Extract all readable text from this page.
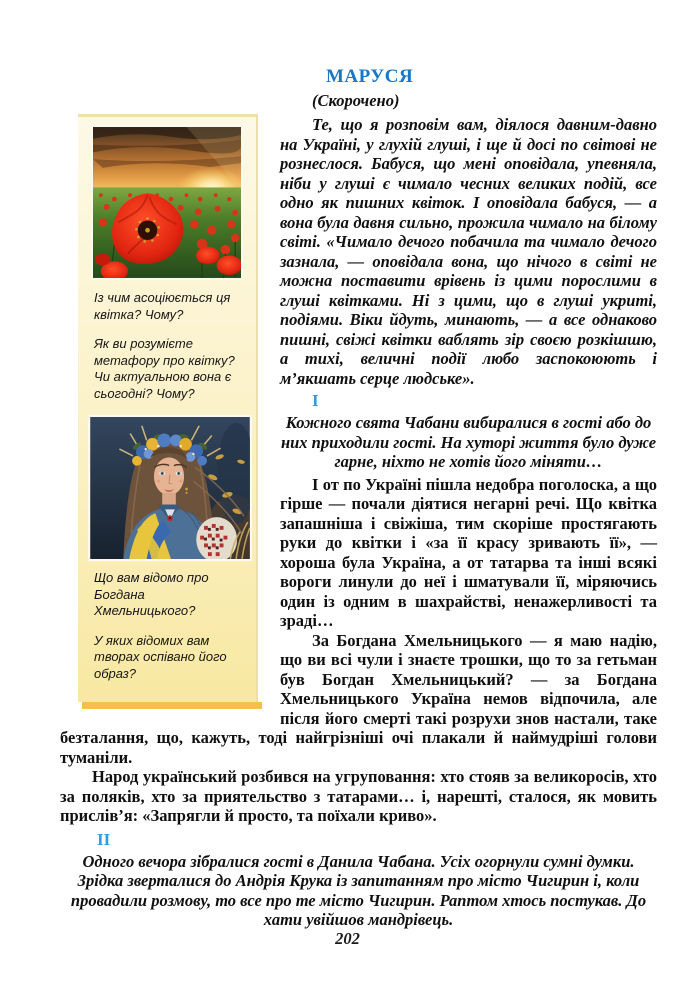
МАРУСЯ
(Скорочено)

Із чим асоціюється ця квітка? Чому?

Як ви розумієте метафору про квітку? Чи актуальною вона є сьогодні? Чому?

Що вам відомо про Богдана Хмельницького?

У яких відомих вам творах оспівано його образ?

Те, що я розповім вам, діялося давним-давно на Україні, у глухій глуші, і ще й досі по світові не рознеслося. Бабуся, що мені оповідала, упевняла, ніби у глуші є чимало чесних великих подій, все одно як пишних квіток. І оповідала бабуся, — а вона була давня сильно, прожила чимало на білому світі. «Чимало дечого побачила та чимало дечого зазнала, — оповідала вона, що нічого в світі не можна поставити врівень із цими порослими в глуші квітками. Ні з цими, що в глуші укриті, подіями. Віки йдуть, минають, — а все однаково пишні, свіжі квітки ваблять зір своєю розкішшю, а тихі, величні події любо заспокоюють і м’якшать серце людське».

I

Кожного свята Чабани вибиралися в гості або до них приходили гості. На хуторі життя було дуже гарне, ніхто не хотів його міняти…

І от по Україні пішла недобра поголоска, а що гірше — почали діятися негарні речі. Що квітка запашніша і свіжіша, тим скоріше простягають руки до квітки і «за її красу зривають її», — хороша була Україна, а от татарва та інші всякі вороги линули до неї і шматували її, міряючись один із одним в шахрайстві, ненажерливості та зраді…

За Богдана Хмельницького — я маю надію, що ви всі чули і знаєте трошки, що то за гетьман був Богдан Хмельницький? — за Богдана Хмельницького Україна немов відпочила, але після його смерті такі розрухи знов настали, таке безталання, що, кажуть, тоді найгрізніші очі плакали й наймудріші голови туманіли.

Народ український розбився на угруповання: хто стояв за великоросів, хто за поляків, хто за приятельство з татарами… і, нарешті, сталося, як мовить прислів’я: «Запрягли й просто, та поїхали криво».

II

Одного вечора зібралися гості в Данила Чабана. Усіх огорнули сумні думки. Зрідка зверталися до Андрія Крука із запитанням про місто Чигирин і, коли провадили розмову, то все про те місто Чигирин. Раптом хтось постукав. До хати увійшов мандрівець.

202
